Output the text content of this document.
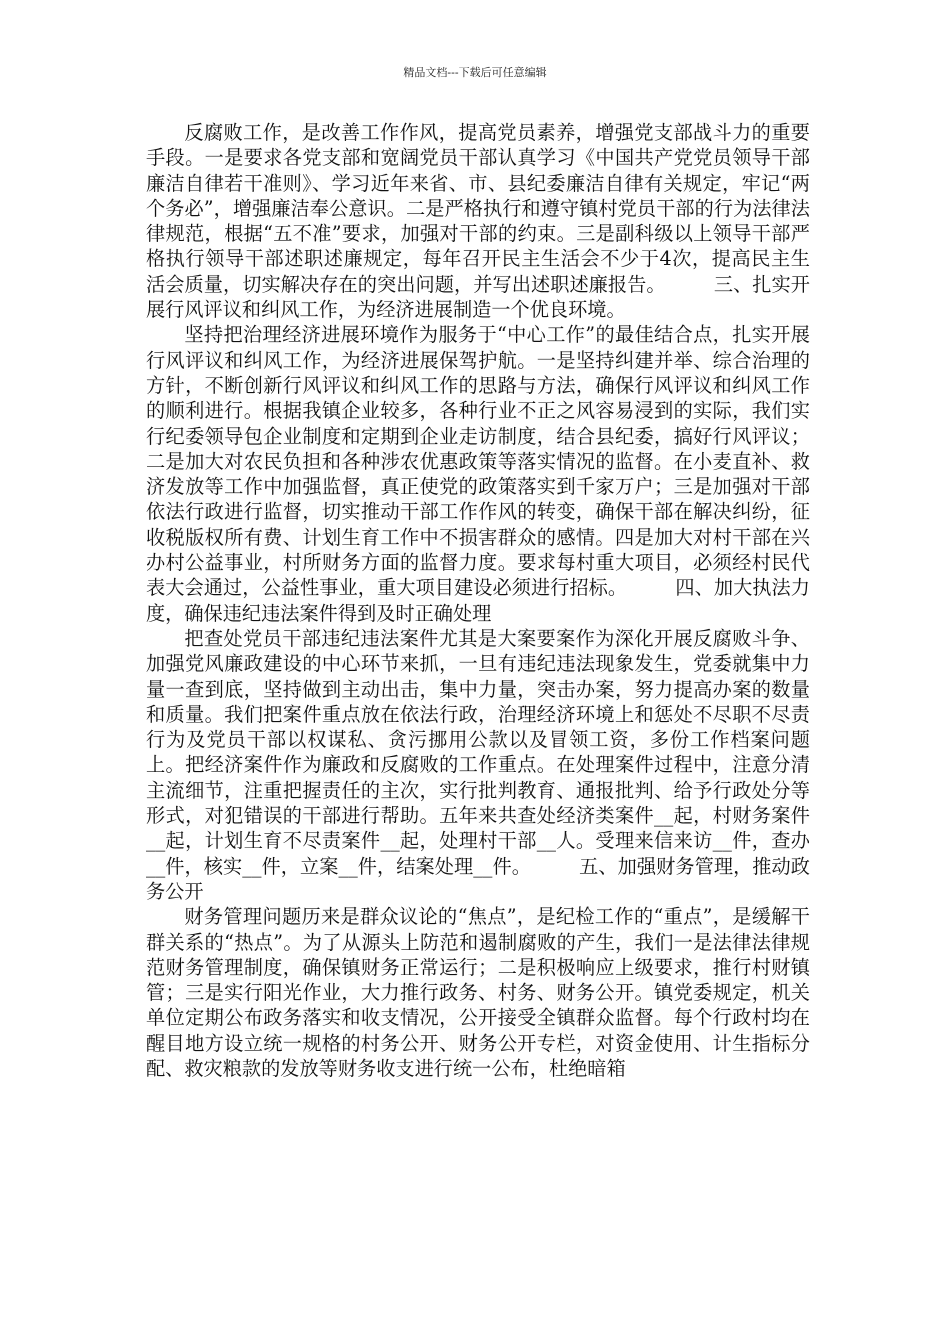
精品文档---下载后可任意编辑

反腐败工作，是改善工作作风，提高党员素养，增强党支部战斗力的重要手段。一是要求各党支部和宽阔党员干部认真学习《中国共产党党员领导干部廉洁自律若干准则》、学习近年来省、市、县纪委廉洁自律有关规定，牢记“两个务必”，增强廉洁奉公意识。二是严格执行和遵守镇村党员干部的行为法律法律规范，根据“五不准”要求，加强对干部的约束。三是副科级以上领导干部严格执行领导干部述职述廉规定，每年召开民主生活会不少于4次，提高民主生活会质量，切实解决存在的突出问题，并写出述职述廉报告。　　　三、扎实开展行风评议和纠风工作，为经济进展制造一个优良环境。

坚持把治理经济进展环境作为服务于“中心工作”的最佳结合点，扎实开展行风评议和纠风工作，为经济进展保驾护航。一是坚持纠建并举、综合治理的方针，不断创新行风评议和纠风工作的思路与方法，确保行风评议和纠风工作的顺利进行。根据我镇企业较多，各种行业不正之风容易浸到的实际，我们实行纪委领导包企业制度和定期到企业走访制度，结合县纪委，搞好行风评议；二是加大对农民负担和各种涉农优惠政策等落实情况的监督。在小麦直补、救济发放等工作中加强监督，真正使党的政策落实到千家万户；三是加强对干部依法行政进行监督，切实推动干部工作作风的转变，确保干部在解决纠纷，征收税版权所有费、计划生育工作中不损害群众的感情。四是加大对村干部在兴办村公益事业，村所财务方面的监督力度。要求每村重大项目，必须经村民代表大会通过，公益性事业，重大项目建设必须进行招标。　　　四、加大执法力度，确保违纪违法案件得到及时正确处理

把查处党员干部违纪违法案件尤其是大案要案作为深化开展反腐败斗争、加强党风廉政建设的中心环节来抓，一旦有违纪违法现象发生，党委就集中力量一查到底，坚持做到主动出击，集中力量，突击办案，努力提高办案的数量和质量。我们把案件重点放在依法行政，治理经济环境上和惩处不尽职不尽责行为及党员干部以权谋私、贪污挪用公款以及冒领工资，多份工作档案问题上。把经济案件作为廉政和反腐败的工作重点。在处理案件过程中，注意分清主流细节，注重把握责任的主次，实行批判教育、通报批判、给予行政处分等形式，对犯错误的干部进行帮助。五年来共查处经济类案件__起，村财务案件__起，计划生育不尽责案件__起，处理村干部__人。受理来信来访__件，查办__件，核实__件，立案__件，结案处理__件。　　　五、加强财务管理，推动政务公开

财务管理问题历来是群众议论的“焦点”，是纪检工作的“重点”，是缓解干群关系的“热点”。为了从源头上防范和遏制腐败的产生，我们一是法律法律规范财务管理制度，确保镇财务正常运行；二是积极响应上级要求，推行村财镇管；三是实行阳光作业，大力推行政务、村务、财务公开。镇党委规定，机关单位定期公布政务落实和收支情况，公开接受全镇群众监督。每个行政村均在醒目地方设立统一规格的村务公开、财务公开专栏，对资金使用、计生指标分配、救灾粮款的发放等财务收支进行统一公布，杜绝暗箱
